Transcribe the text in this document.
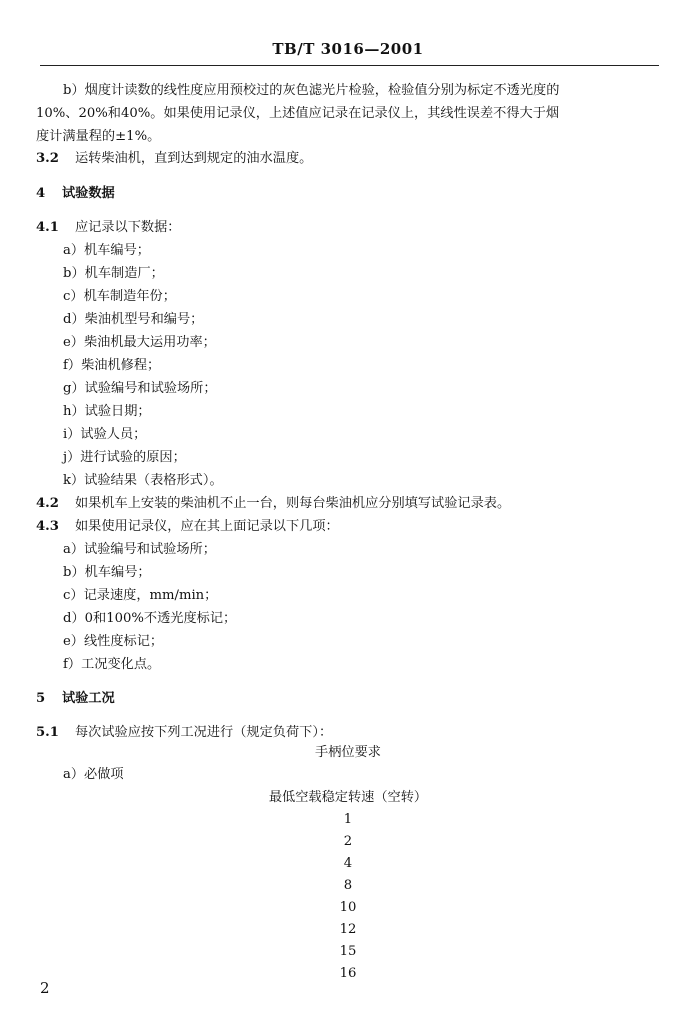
TB/T 3016—2001
b）烟度计读数的线性度应用预校过的灰色滤光片检验，检验值分别为标定不透光度的
10%、20%和40%。如果使用记录仪，上述值应记录在记录仪上，其线性误差不得大于烟
度计满量程的±1%。
3.2 运转柴油机，直到达到规定的油水温度。
4 试验数据
4.1 应记录以下数据：
a）机车编号；
b）机车制造厂；
c）机车制造年份；
d）柴油机型号和编号；
e）柴油机最大运用功率；
f）柴油机修程；
g）试验编号和试验场所；
h）试验日期；
i）试验人员；
j）进行试验的原因；
k）试验结果（表格形式）。
4.2 如果机车上安装的柴油机不止一台，则每台柴油机应分别填写试验记录表。
4.3 如果使用记录仪，应在其上面记录以下几项：
a）试验编号和试验场所；
b）机车编号；
c）记录速度，mm/min；
d）0和100%不透光度标记；
e）线性度标记；
f）工况变化点。
5 试验工况
5.1 每次试验应按下列工况进行（规定负荷下）：
手柄位要求
a）必做项
最低空载稳定转速（空转）
1
2
4
8
10
12
15
16
2
